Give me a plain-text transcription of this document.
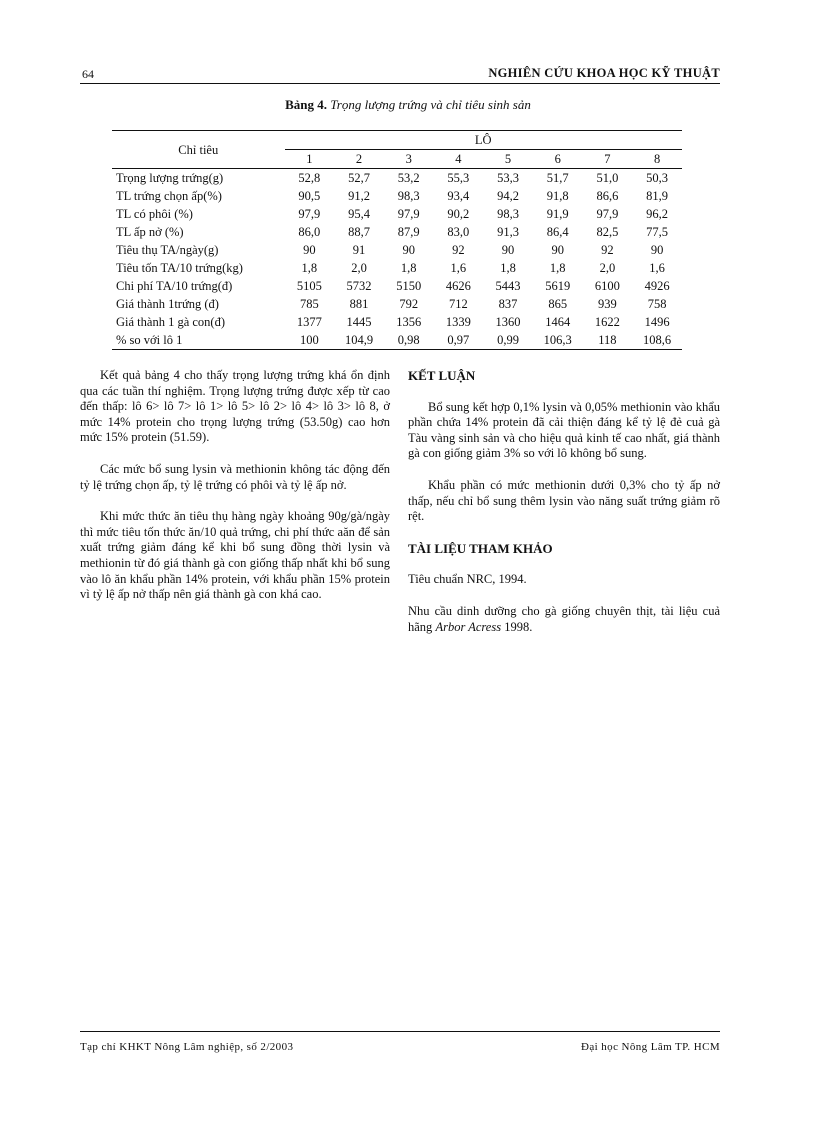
64	NGHIÊN CỨU KHOA HỌC KỸ THUẬT
Bảng 4. Trọng lượng trứng và chỉ tiêu sinh sản
Chỉ tiêu	LÔ							
	1	2	3	4	5	6	7	8
Trọng lượng trứng(g)	52,8	52,7	53,2	55,3	53,3	51,7	51,0	50,3
TL trứng chọn ấp(%)	90,5	91,2	98,3	93,4	94,2	91,8	86,6	81,9
TL có phôi (%)	97,9	95,4	97,9	90,2	98,3	91,9	97,9	96,2
TL ấp nở (%)	86,0	88,7	87,9	83,0	91,3	86,4	82,5	77,5
Tiêu thụ TA/ngày(g)	90	91	90	92	90	90	92	90
Tiêu tốn TA/10 trứng(kg)	1,8	2,0	1,8	1,6	1,8	1,8	2,0	1,6
Chi phí TA/10 trứng(đ)	5105	5732	5150	4626	5443	5619	6100	4926
Giá thành 1trứng (đ)	785	881	792	712	837	865	939	758
Giá thành 1 gà con(đ)	1377	1445	1356	1339	1360	1464	1622	1496
% so với lô 1	100	104,9	0,98	0,97	0,99	106,3	118	108,6

Kết quả bảng 4 cho thấy trọng lượng trứng khá ổn định qua các tuần thí nghiệm. Trọng lượng trứng được xếp từ cao đến thấp: lô 6> lô 7> lô 1> lô 5> lô 2> lô 4> lô 3> lô 8, ở mức 14% protein cho trọng lượng trứng (53.50g) cao hơn mức 15% protein (51.59).

Các mức bổ sung lysin và methionin không tác động đến tỷ lệ trứng chọn ấp, tỷ lệ trứng có phôi và tỷ lệ ấp nở.

Khi mức thức ăn tiêu thụ hàng ngày khoảng 90g/gà/ngày thì mức tiêu tốn thức ăn/10 quả trứng, chi phí thức aăn để sản xuất trứng giảm đáng kể khi bổ sung đồng thời lysin và methionin từ đó giá thành gà con giống thấp nhất khi bổ sung vào lô ăn khẩu phần 14% protein, với khẩu phần 15% protein vì tỷ lệ ấp nở thấp nên giá thành gà con khá cao.

KẾT LUẬN

Bổ sung kết hợp 0,1% lysin và 0,05% methionin vào khẩu phần chứa 14% protein đã cải thiện đáng kể tỷ lệ đẻ cuả gà Tàu vàng sinh sản và cho hiệu quả kinh tế cao nhất, giá thành gà con giống giảm 3% so với lô không bổ sung.

Khẩu phần có mức methionin dưới 0,3% cho tỷ ấp nở thấp, nếu chỉ bổ sung thêm lysin vào năng suất trứng giảm rõ rệt.

TÀI LIỆU THAM KHẢO

Tiêu chuẩn NRC, 1994.

Nhu cầu dinh dưỡng cho gà giống chuyên thịt, tài liệu cuả hãng Arbor Acress 1998.

Tạp chí KHKT Nông Lâm nghiệp, số 2/2003	Đại học Nông Lâm TP. HCM
